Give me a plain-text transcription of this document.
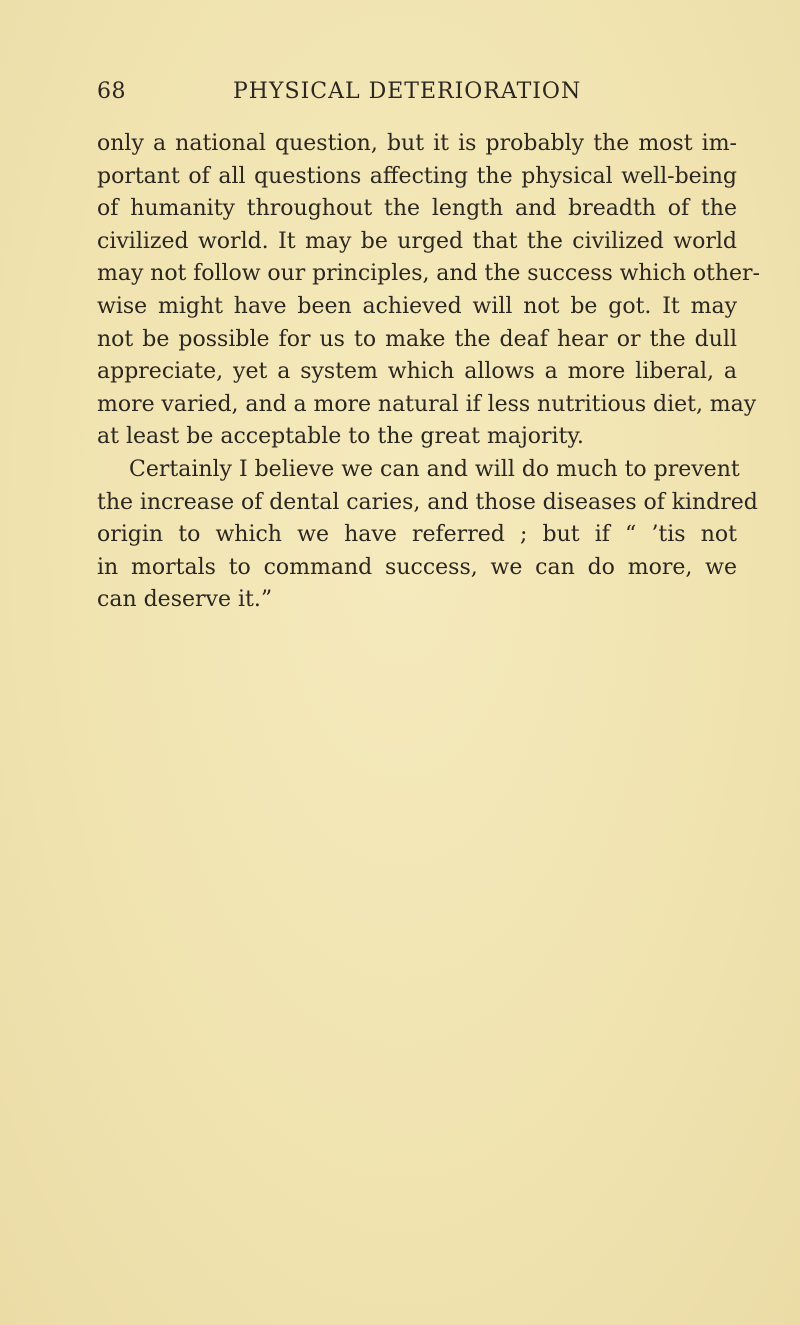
68	PHYSICAL DETERIORATION
only a national question, but it is probably the most im-
portant of all questions affecting the physical well-being
of humanity throughout the length and breadth of the
civilized world. It may be urged that the civilized world
may not follow our principles, and the success which other-
wise might have been achieved will not be got. It may
not be possible for us to make the deaf hear or the dull
appreciate, yet a system which allows a more liberal, a
more varied, and a more natural if less nutritious diet, may
at least be acceptable to the great majority.
Certainly I believe we can and will do much to prevent
the increase of dental caries, and those diseases of kindred
origin to which we have referred ; but if “ ’tis not
in mortals to command success, we can do more, we
can deserve it.”
